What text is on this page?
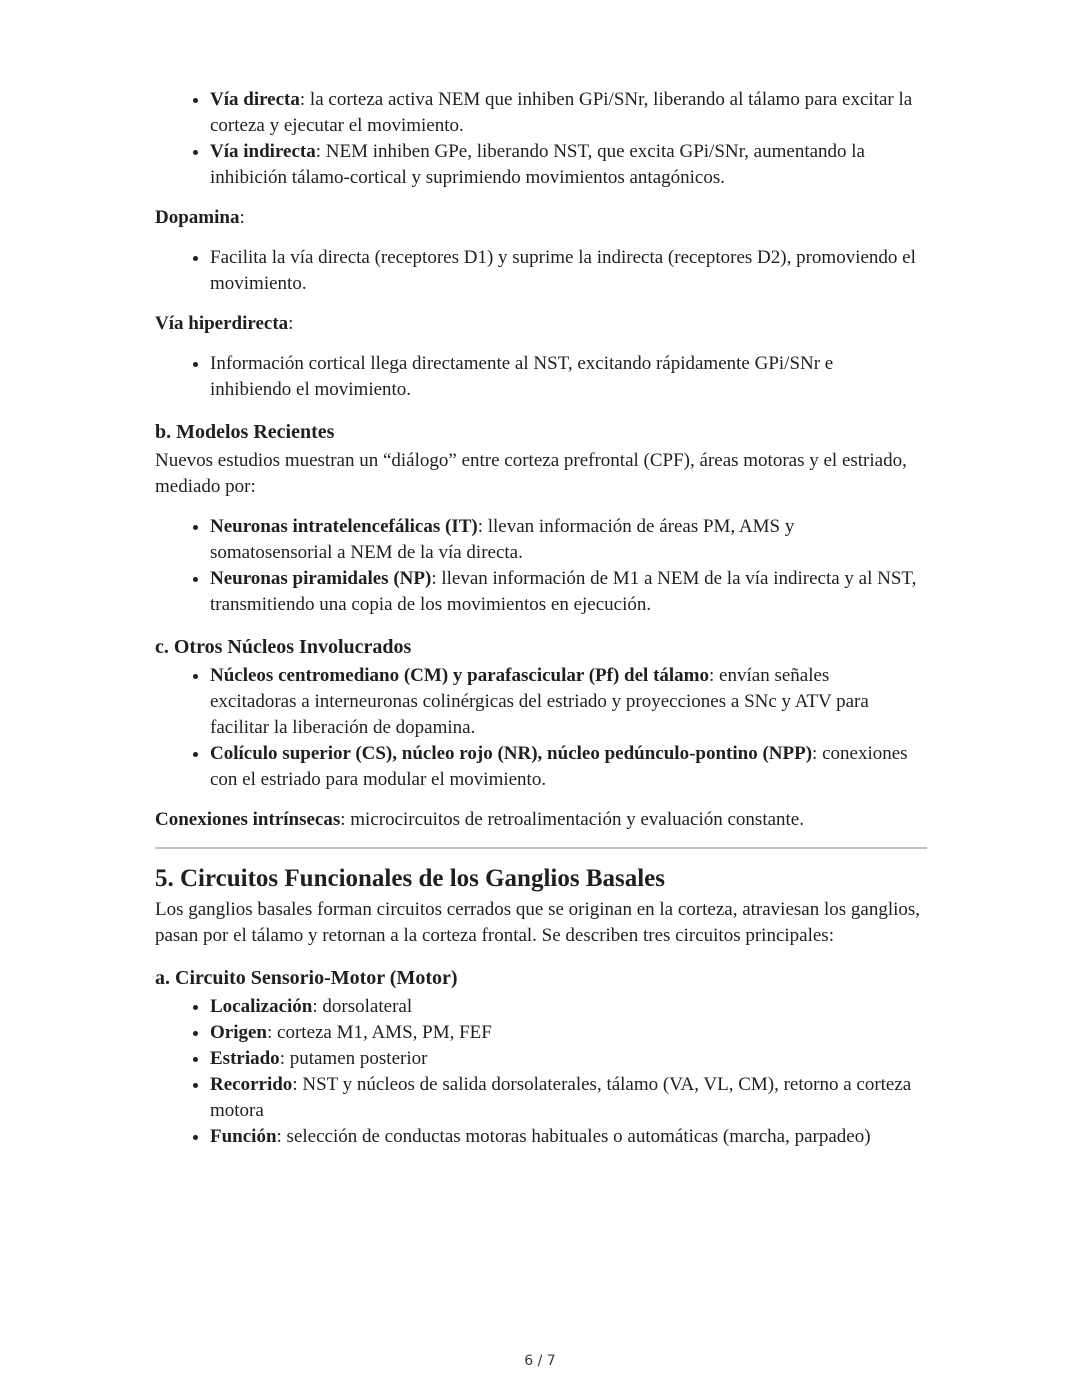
• Vía directa: la corteza activa NEM que inhiben GPi/SNr, liberando al tálamo para excitar la corteza y ejecutar el movimiento.
• Vía indirecta: NEM inhiben GPe, liberando NST, que excita GPi/SNr, aumentando la inhibición tálamo-cortical y suprimiendo movimientos antagónicos.

Dopamina:

• Facilita la vía directa (receptores D1) y suprime la indirecta (receptores D2), promoviendo el movimiento.

Vía hiperdirecta:

• Información cortical llega directamente al NST, excitando rápidamente GPi/SNr e inhibiendo el movimiento.
b. Modelos Recientes

Nuevos estudios muestran un “diálogo” entre corteza prefrontal (CPF), áreas motoras y el estriado, mediado por:

• Neuronas intratelencefálicas (IT): llevan información de áreas PM, AMS y somatosensorial a NEM de la vía directa.
• Neuronas piramidales (NP): llevan información de M1 a NEM de la vía indirecta y al NST, transmitiendo una copia de los movimientos en ejecución.
c. Otros Núcleos Involucrados
• Núcleos centromediano (CM) y parafascicular (Pf) del tálamo: envían señales excitadoras a interneuronas colinérgicas del estriado y proyecciones a SNc y ATV para facilitar la liberación de dopamina.
• Colículo superior (CS), núcleo rojo (NR), núcleo pedúnculo-pontino (NPP): conexiones con el estriado para modular el movimiento.

Conexiones intrínsecas: microcircuitos de retroalimentación y evaluación constante.

5. Circuitos Funcionales de los Ganglios Basales

Los ganglios basales forman circuitos cerrados que se originan en la corteza, atraviesan los ganglios, pasan por el tálamo y retornan a la corteza frontal. Se describen tres circuitos principales:

a. Circuito Sensorio-Motor (Motor)
• Localización: dorsolateral
• Origen: corteza M1, AMS, PM, FEF
• Estriado: putamen posterior
• Recorrido: NST y núcleos de salida dorsolaterales, tálamo (VA, VL, CM), retorno a corteza motora
• Función: selección de conductas motoras habituales o automáticas (marcha, parpadeo)
6 / 7
